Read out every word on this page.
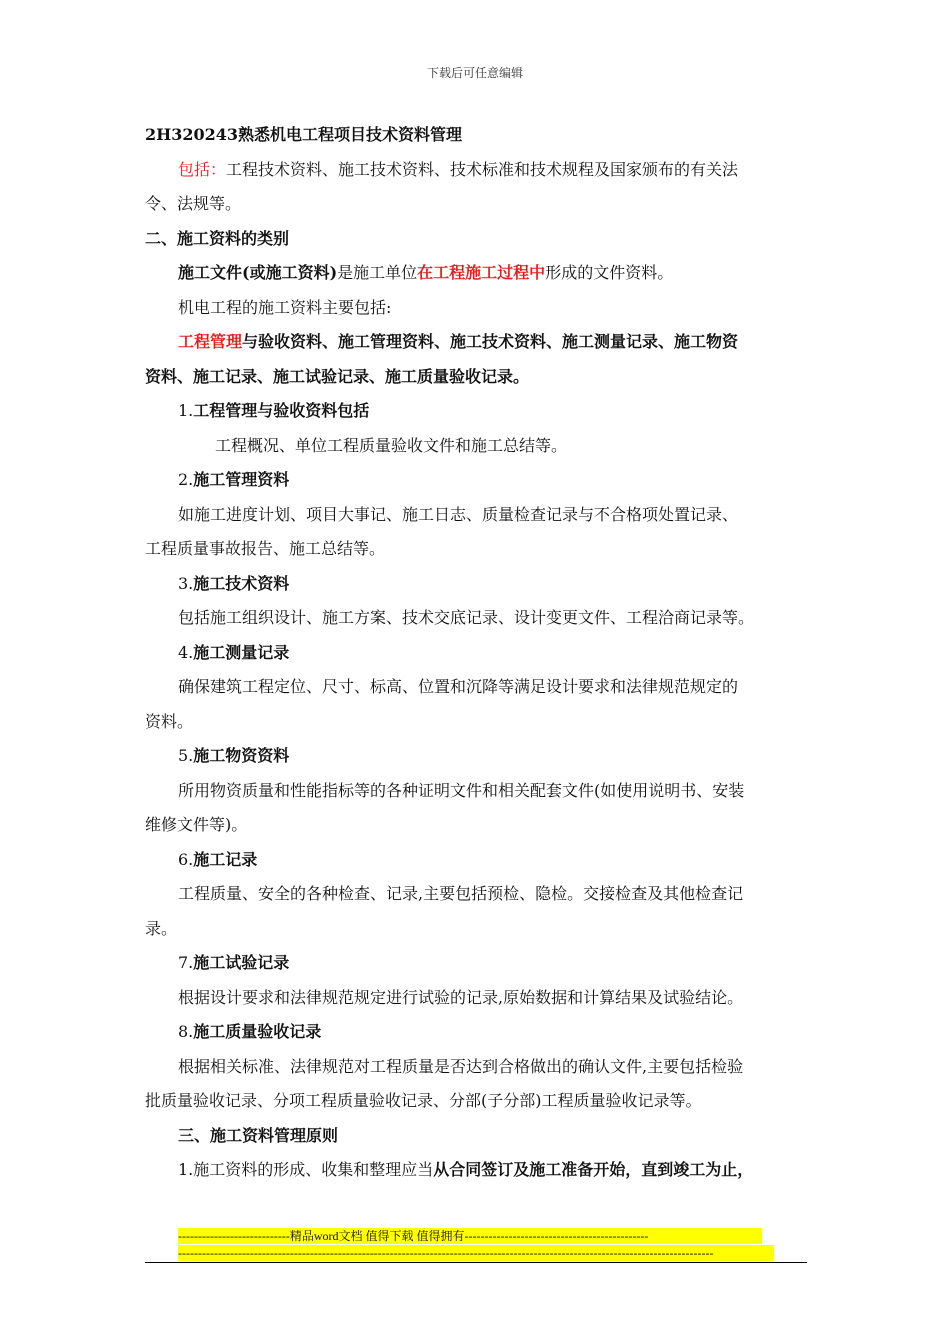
下载后可任意编辑
2H320243熟悉机电工程项目技术资料管理
包括：工程技术资料、施工技术资料、技术标准和技术规程及国家颁布的有关法
令、法规等。
二、施工资料的类别
施工文件(或施工资料)是施工单位在工程施工过程中形成的文件资料。
机电工程的施工资料主要包括:
工程管理与验收资料、施工管理资料、施工技术资料、施工测量记录、施工物资
资料、施工记录、施工试验记录、施工质量验收记录。
1.工程管理与验收资料包括
工程概况、单位工程质量验收文件和施工总结等。
2.施工管理资料
如施工进度计划、项目大事记、施工日志、质量检查记录与不合格项处置记录、
工程质量事故报告、施工总结等。
3.施工技术资料
包括施工组织设计、施工方案、技术交底记录、设计变更文件、工程洽商记录等。
4.施工测量记录
确保建筑工程定位、尺寸、标高、位置和沉降等满足设计要求和法律规范规定的
资料。
5.施工物资资料
所用物资质量和性能指标等的各种证明文件和相关配套文件(如使用说明书、安装
维修文件等)。
6.施工记录
工程质量、安全的各种检查、记录,主要包括预检、隐检。交接检查及其他检查记
录。
7.施工试验记录
根据设计要求和法律规范规定进行试验的记录,原始数据和计算结果及试验结论。
8.施工质量验收记录
根据相关标准、法律规范对工程质量是否达到合格做出的确认文件,主要包括检验
批质量验收记录、分项工程质量验收记录、分部(子分部)工程质量验收记录等。
三、施工资料管理原则
1.施工资料的形成、收集和整理应当从合同签订及施工准备开始，直到竣工为止，
----------------------------精品word文档 值得下载 值得拥有----------------------------------------------
--------------------------------------------------------------------------------------------------------------------------------------
